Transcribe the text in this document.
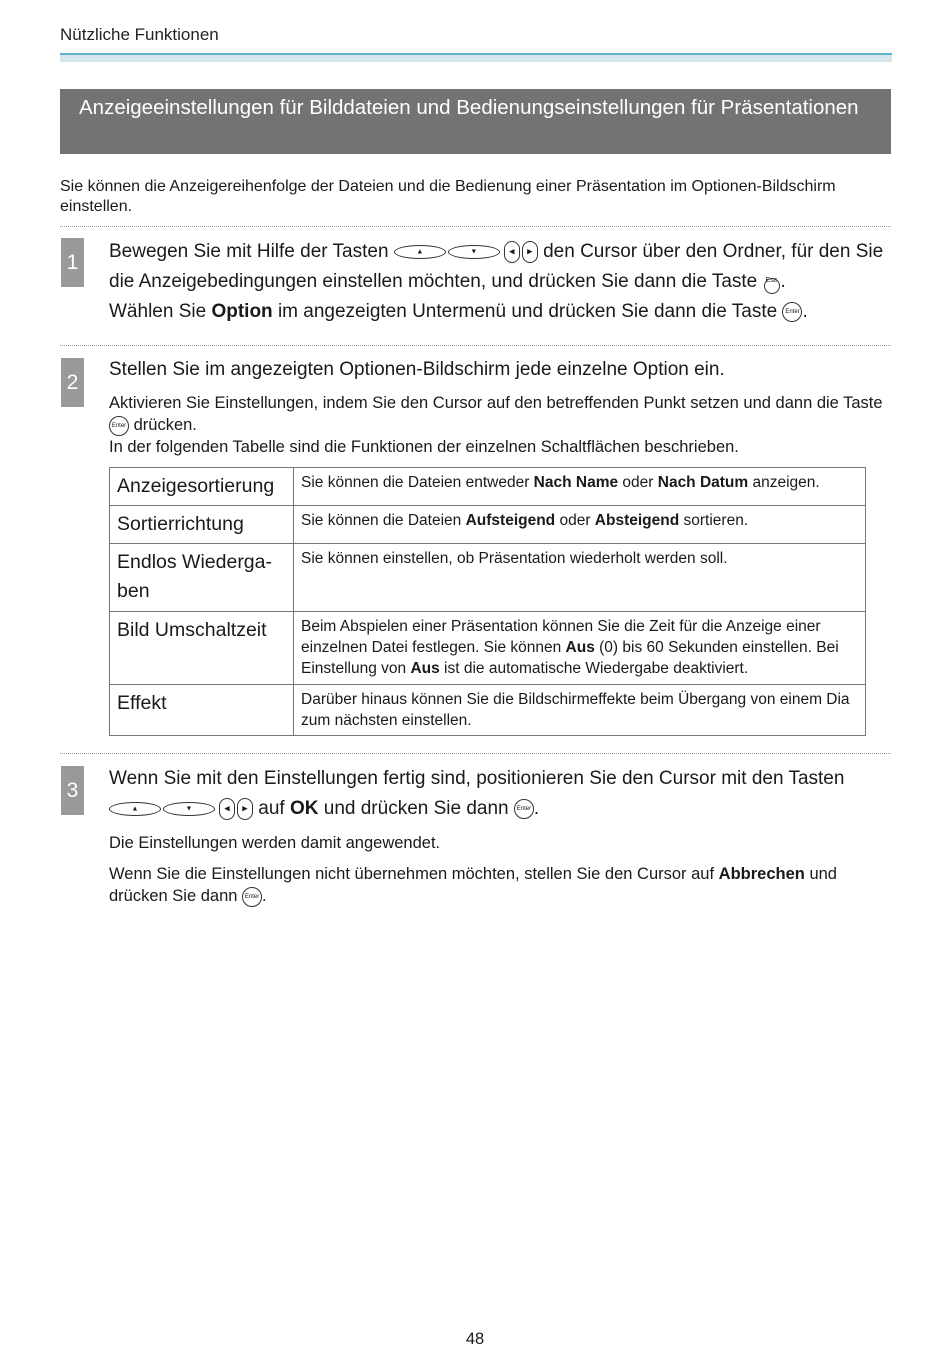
Nützliche Funktionen
Anzeigeeinstellungen für Bilddateien und Bedienungseinstellungen für Präsentationen
Sie können die Anzeigereihenfolge der Dateien und die Bedienung einer Präsentation im Optionen-Bildschirm einstellen.
1 Bewegen Sie mit Hilfe der Tasten	▲	▼	◀ ▶ den Cursor über den Ordner, für den Sie die Anzeigebedingungen einstellen möchten, und drücken Sie dann die Taste Esc .
Wählen Sie Option im angezeigten Untermenü und drücken Sie dann die Taste Enter .
2
Stellen Sie im angezeigten Optionen-Bildschirm jede einzelne Option ein.
Aktivieren Sie Einstellungen, indem Sie den Cursor auf den betreffenden Punkt setzen und dann die Taste Enter drücken.
In der folgenden Tabelle sind die Funktionen der einzelnen Schaltflächen beschrieben.
Anzeigesortierung	Sie können die Dateien entweder Nach Name oder Nach Datum anzeigen.
Sortierrichtung	Sie können die Dateien Aufsteigend oder Absteigend sortieren.
Endlos Wiederga-
ben	Sie können einstellen, ob Präsentation wiederholt werden soll.
Bild Umschaltzeit	Beim Abspielen einer Präsentation können Sie die Zeit für die Anzeige einer einzelnen Datei festlegen. Sie können Aus (0) bis 60 Sekunden einstellen. Bei Einstellung von Aus ist die automatische Wiedergabe deaktiviert.
Effekt	Darüber hinaus können Sie die Bildschirmeffekte beim Übergang von einem Dia zum nächsten einstellen.
3 Wenn Sie mit den Einstellungen fertig sind, positionieren Sie den Cursor mit den Tasten

▲	▼	◀ ▶ auf OK und drücken Sie dann Enter .
Die Einstellungen werden damit angewendet.
Wenn Sie die Einstellungen nicht übernehmen möchten, stellen Sie den Cursor auf Abbrechen und drücken Sie dann Enter .
48
